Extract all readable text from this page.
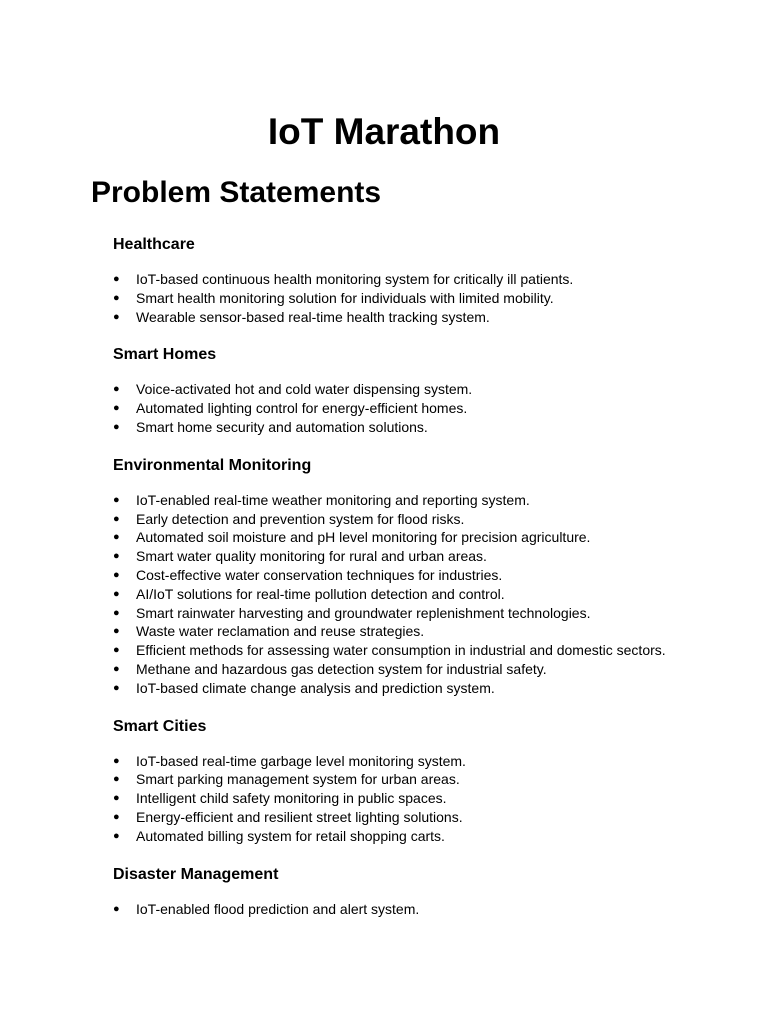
IoT Marathon
Problem Statements
Healthcare
● IoT-based continuous health monitoring system for critically ill patients.
● Smart health monitoring solution for individuals with limited mobility.
● Wearable sensor-based real-time health tracking system.
Smart Homes
● Voice-activated hot and cold water dispensing system.
● Automated lighting control for energy-efficient homes.
● Smart home security and automation solutions.
Environmental Monitoring
● IoT-enabled real-time weather monitoring and reporting system.
● Early detection and prevention system for flood risks.
● Automated soil moisture and pH level monitoring for precision agriculture.
● Smart water quality monitoring for rural and urban areas.
● Cost-effective water conservation techniques for industries.
● AI/IoT solutions for real-time pollution detection and control.
● Smart rainwater harvesting and groundwater replenishment technologies.
● Waste water reclamation and reuse strategies.
● Efficient methods for assessing water consumption in industrial and domestic sectors.
● Methane and hazardous gas detection system for industrial safety.
● IoT-based climate change analysis and prediction system.
Smart Cities
● IoT-based real-time garbage level monitoring system.
● Smart parking management system for urban areas.
● Intelligent child safety monitoring in public spaces.
● Energy-efficient and resilient street lighting solutions.
● Automated billing system for retail shopping carts.
Disaster Management
● IoT-enabled flood prediction and alert system.
